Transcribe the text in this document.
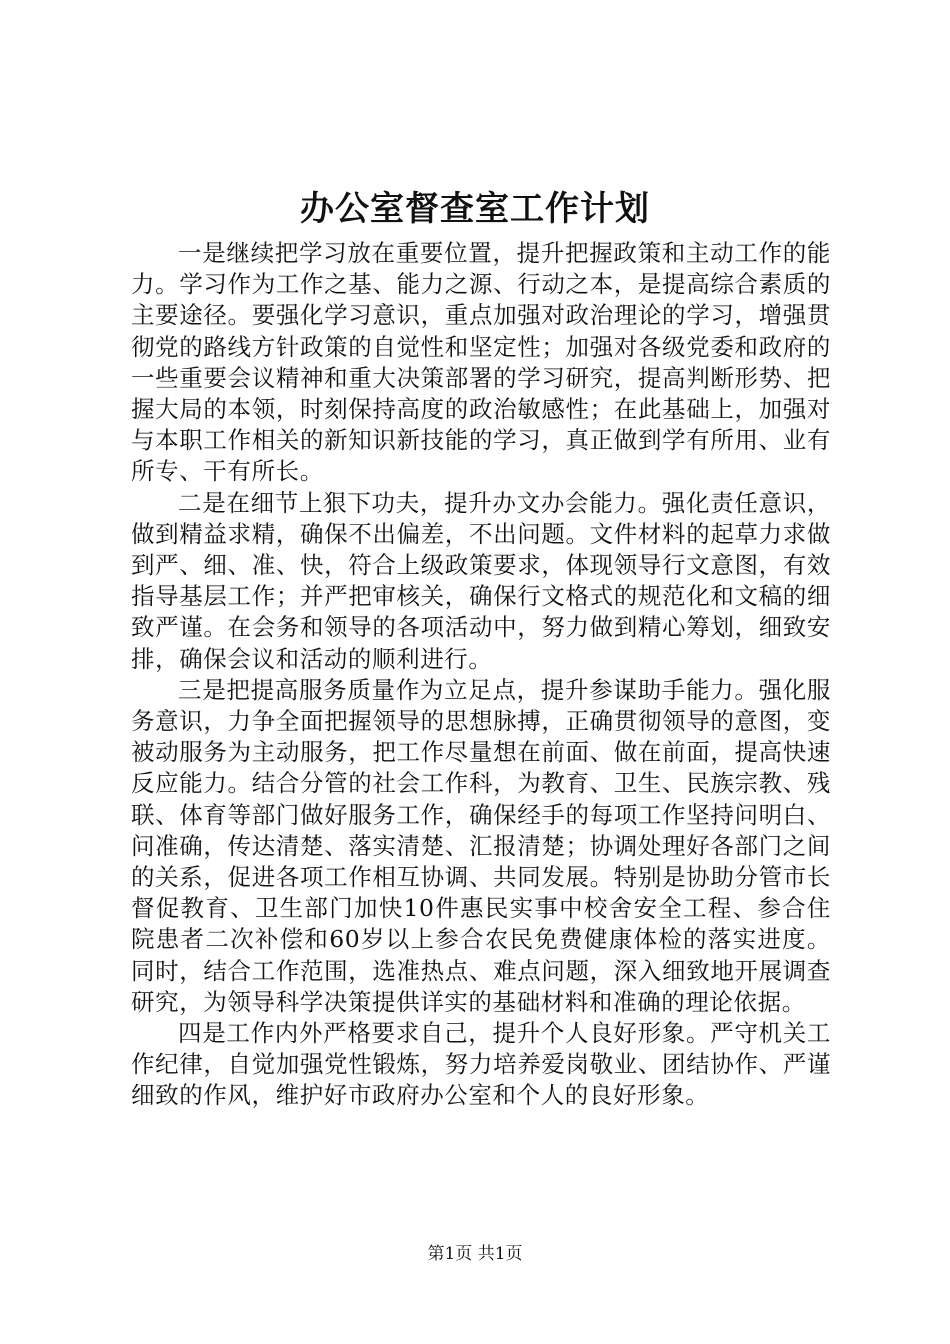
办公室督查室工作计划

一是继续把学习放在重要位置，提升把握政策和主动工作的能力。学习作为工作之基、能力之源、行动之本，是提高综合素质的主要途径。要强化学习意识，重点加强对政治理论的学习，增强贯彻党的路线方针政策的自觉性和坚定性；加强对各级党委和政府的一些重要会议精神和重大决策部署的学习研究，提高判断形势、把握大局的本领，时刻保持高度的政治敏感性；在此基础上，加强对与本职工作相关的新知识新技能的学习，真正做到学有所用、业有所专、干有所长。

二是在细节上狠下功夫，提升办文办会能力。强化责任意识，做到精益求精，确保不出偏差，不出问题。文件材料的起草力求做到严、细、准、快，符合上级政策要求，体现领导行文意图，有效指导基层工作；并严把审核关，确保行文格式的规范化和文稿的细致严谨。在会务和领导的各项活动中，努力做到精心筹划，细致安排，确保会议和活动的顺利进行。

三是把提高服务质量作为立足点，提升参谋助手能力。强化服务意识，力争全面把握领导的思想脉搏，正确贯彻领导的意图，变被动服务为主动服务，把工作尽量想在前面、做在前面，提高快速反应能力。结合分管的社会工作科，为教育、卫生、民族宗教、残联、体育等部门做好服务工作，确保经手的每项工作坚持问明白、问准确，传达清楚、落实清楚、汇报清楚；协调处理好各部门之间的关系，促进各项工作相互协调、共同发展。特别是协助分管市长督促教育、卫生部门加快10件惠民实事中校舍安全工程、参合住院患者二次补偿和60岁以上参合农民免费健康体检的落实进度。同时，结合工作范围，选准热点、难点问题，深入细致地开展调查研究，为领导科学决策提供详实的基础材料和准确的理论依据。

四是工作内外严格要求自己，提升个人良好形象。严守机关工作纪律，自觉加强党性锻炼，努力培养爱岗敬业、团结协作、严谨细致的作风，维护好市政府办公室和个人的良好形象。

第1页 共1页
